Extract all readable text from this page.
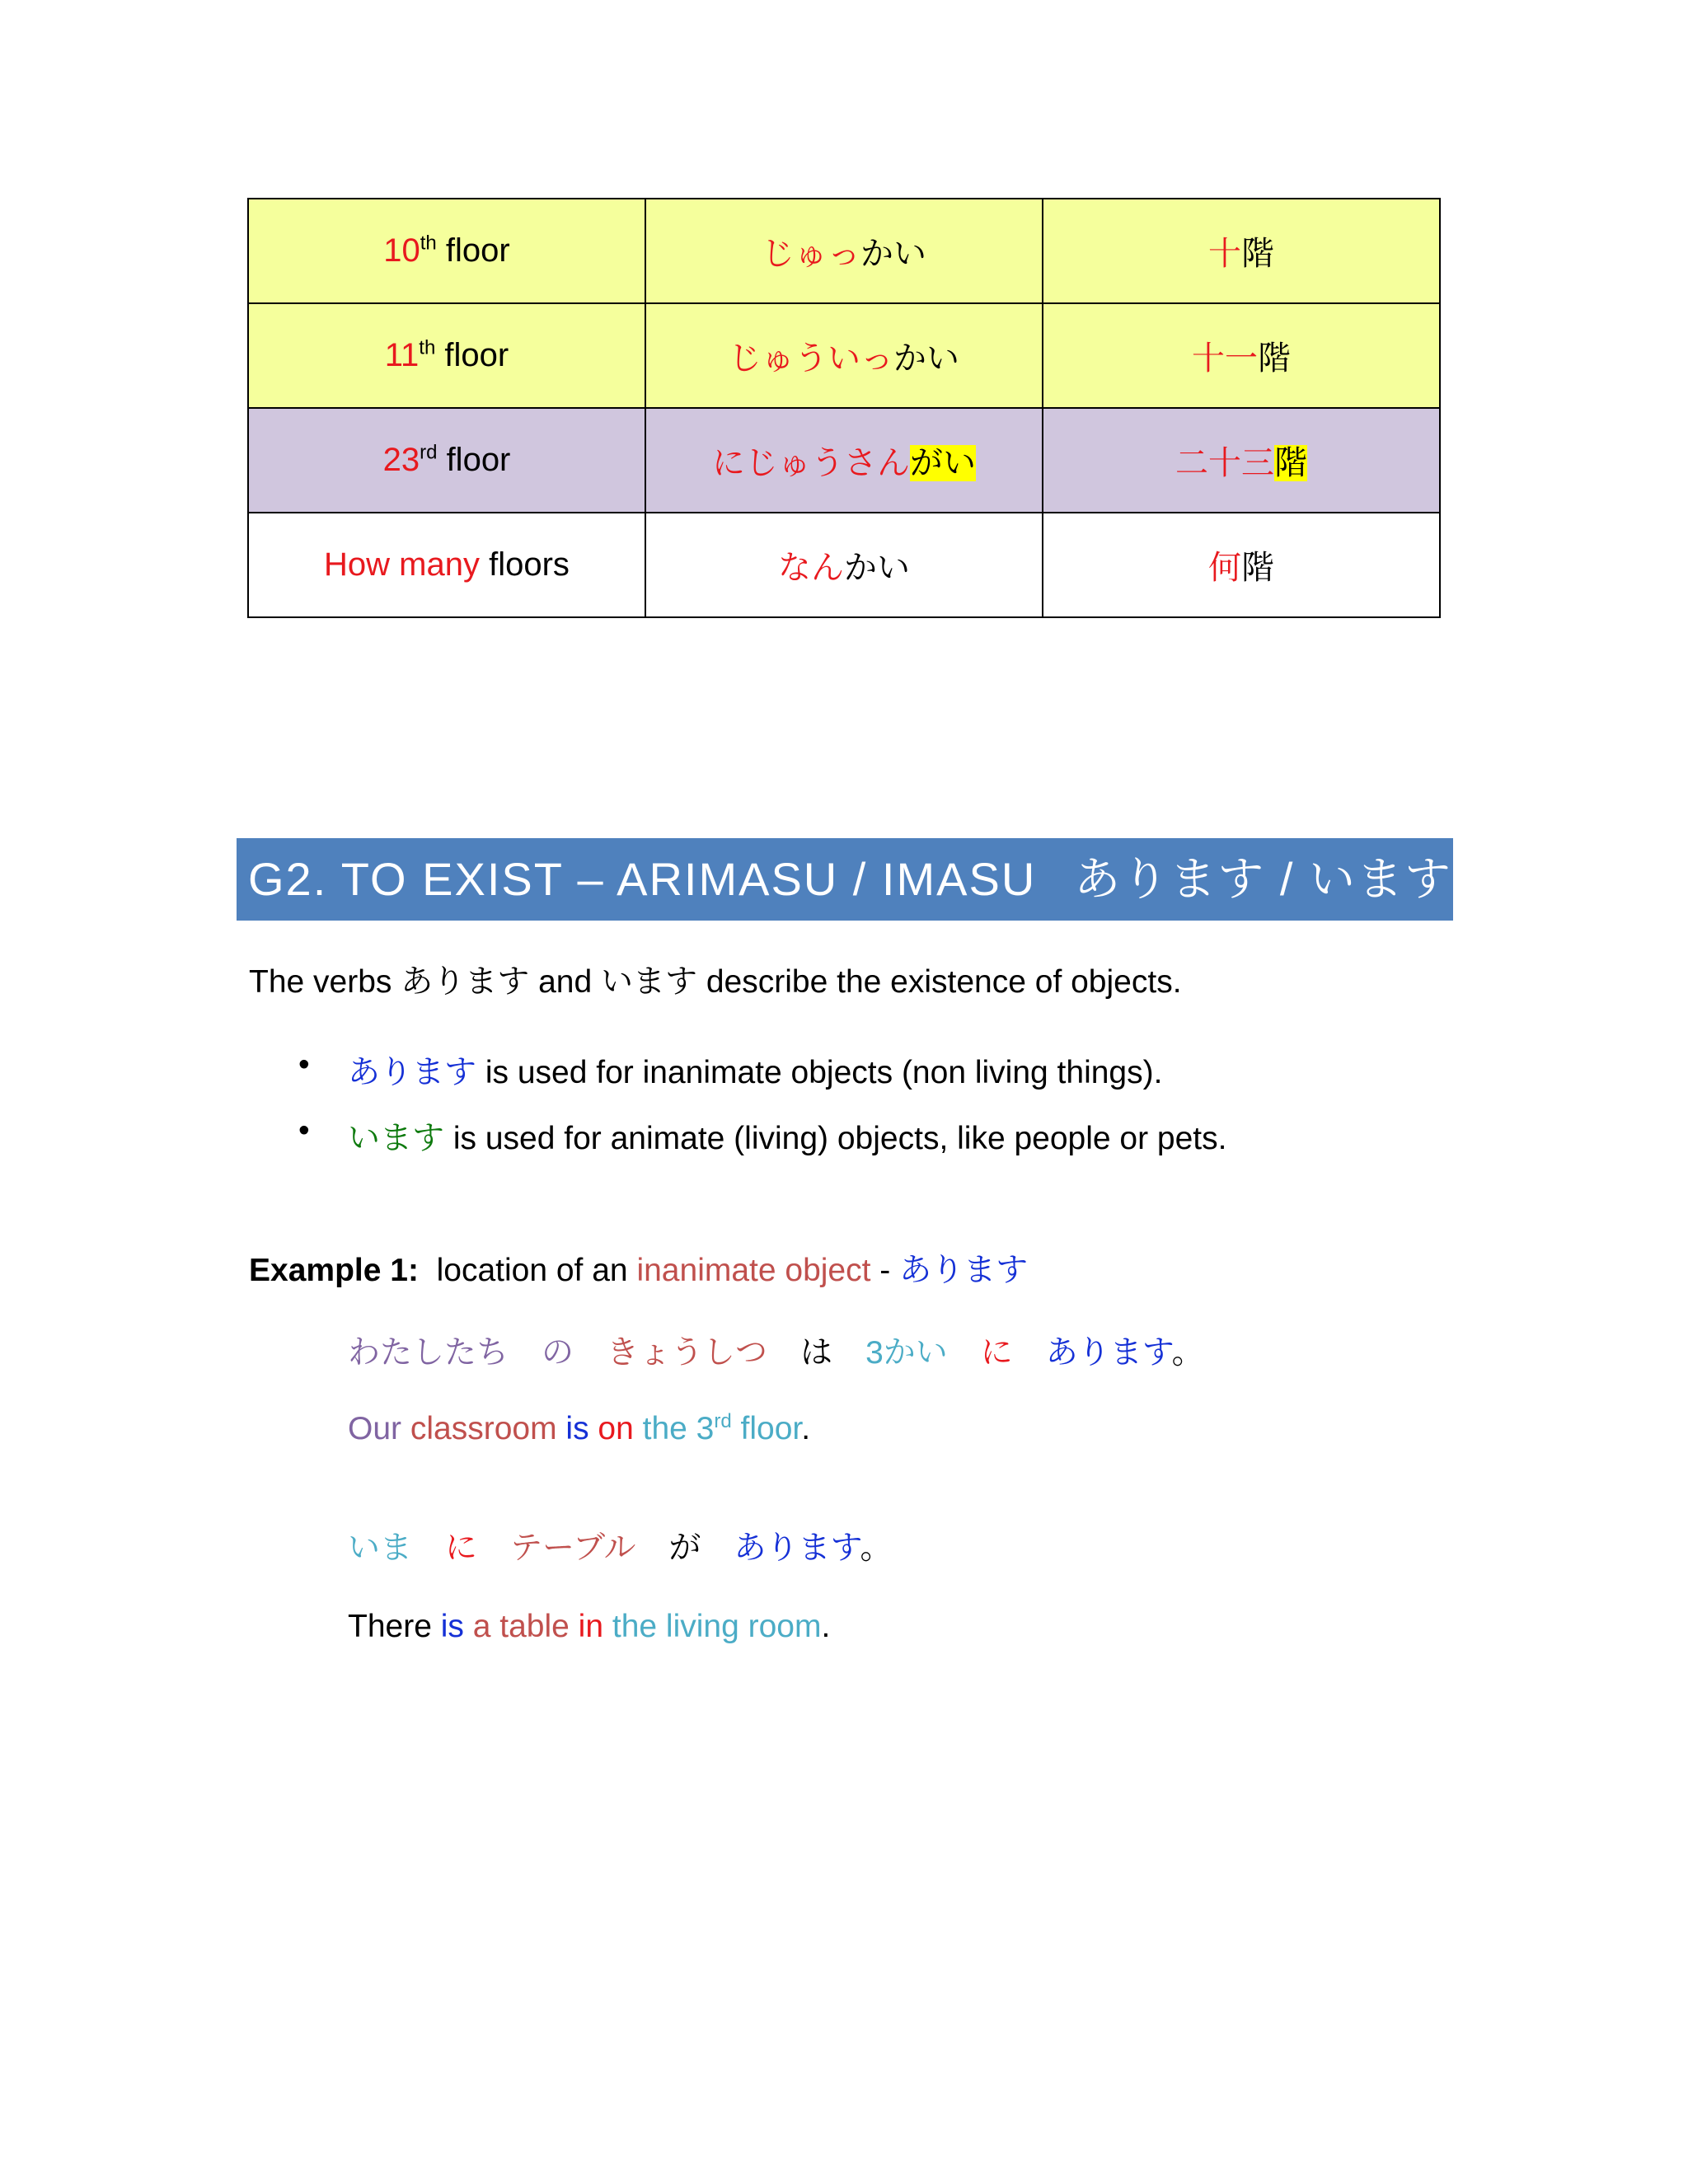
10th floor	じゅっかい	十階
11th floor	じゅういっかい	十一階
23rd floor	にじゅうさんがい	二十三階
How many floors	なんかい	何階
G2. TO EXIST – ARIMASU / IMASU あります / います
The verbs あります and います describe the existence of objects.
• あります is used for inanimate objects (non living things).
• います is used for animate (living) objects, like people or pets.
Example 1:  location of an inanimate object - あります
わたしたち の きょうしつ は 3かい に あります。
Our classroom is on the 3rd floor.
いま に テーブル が あります。
There is a table in the living room.
